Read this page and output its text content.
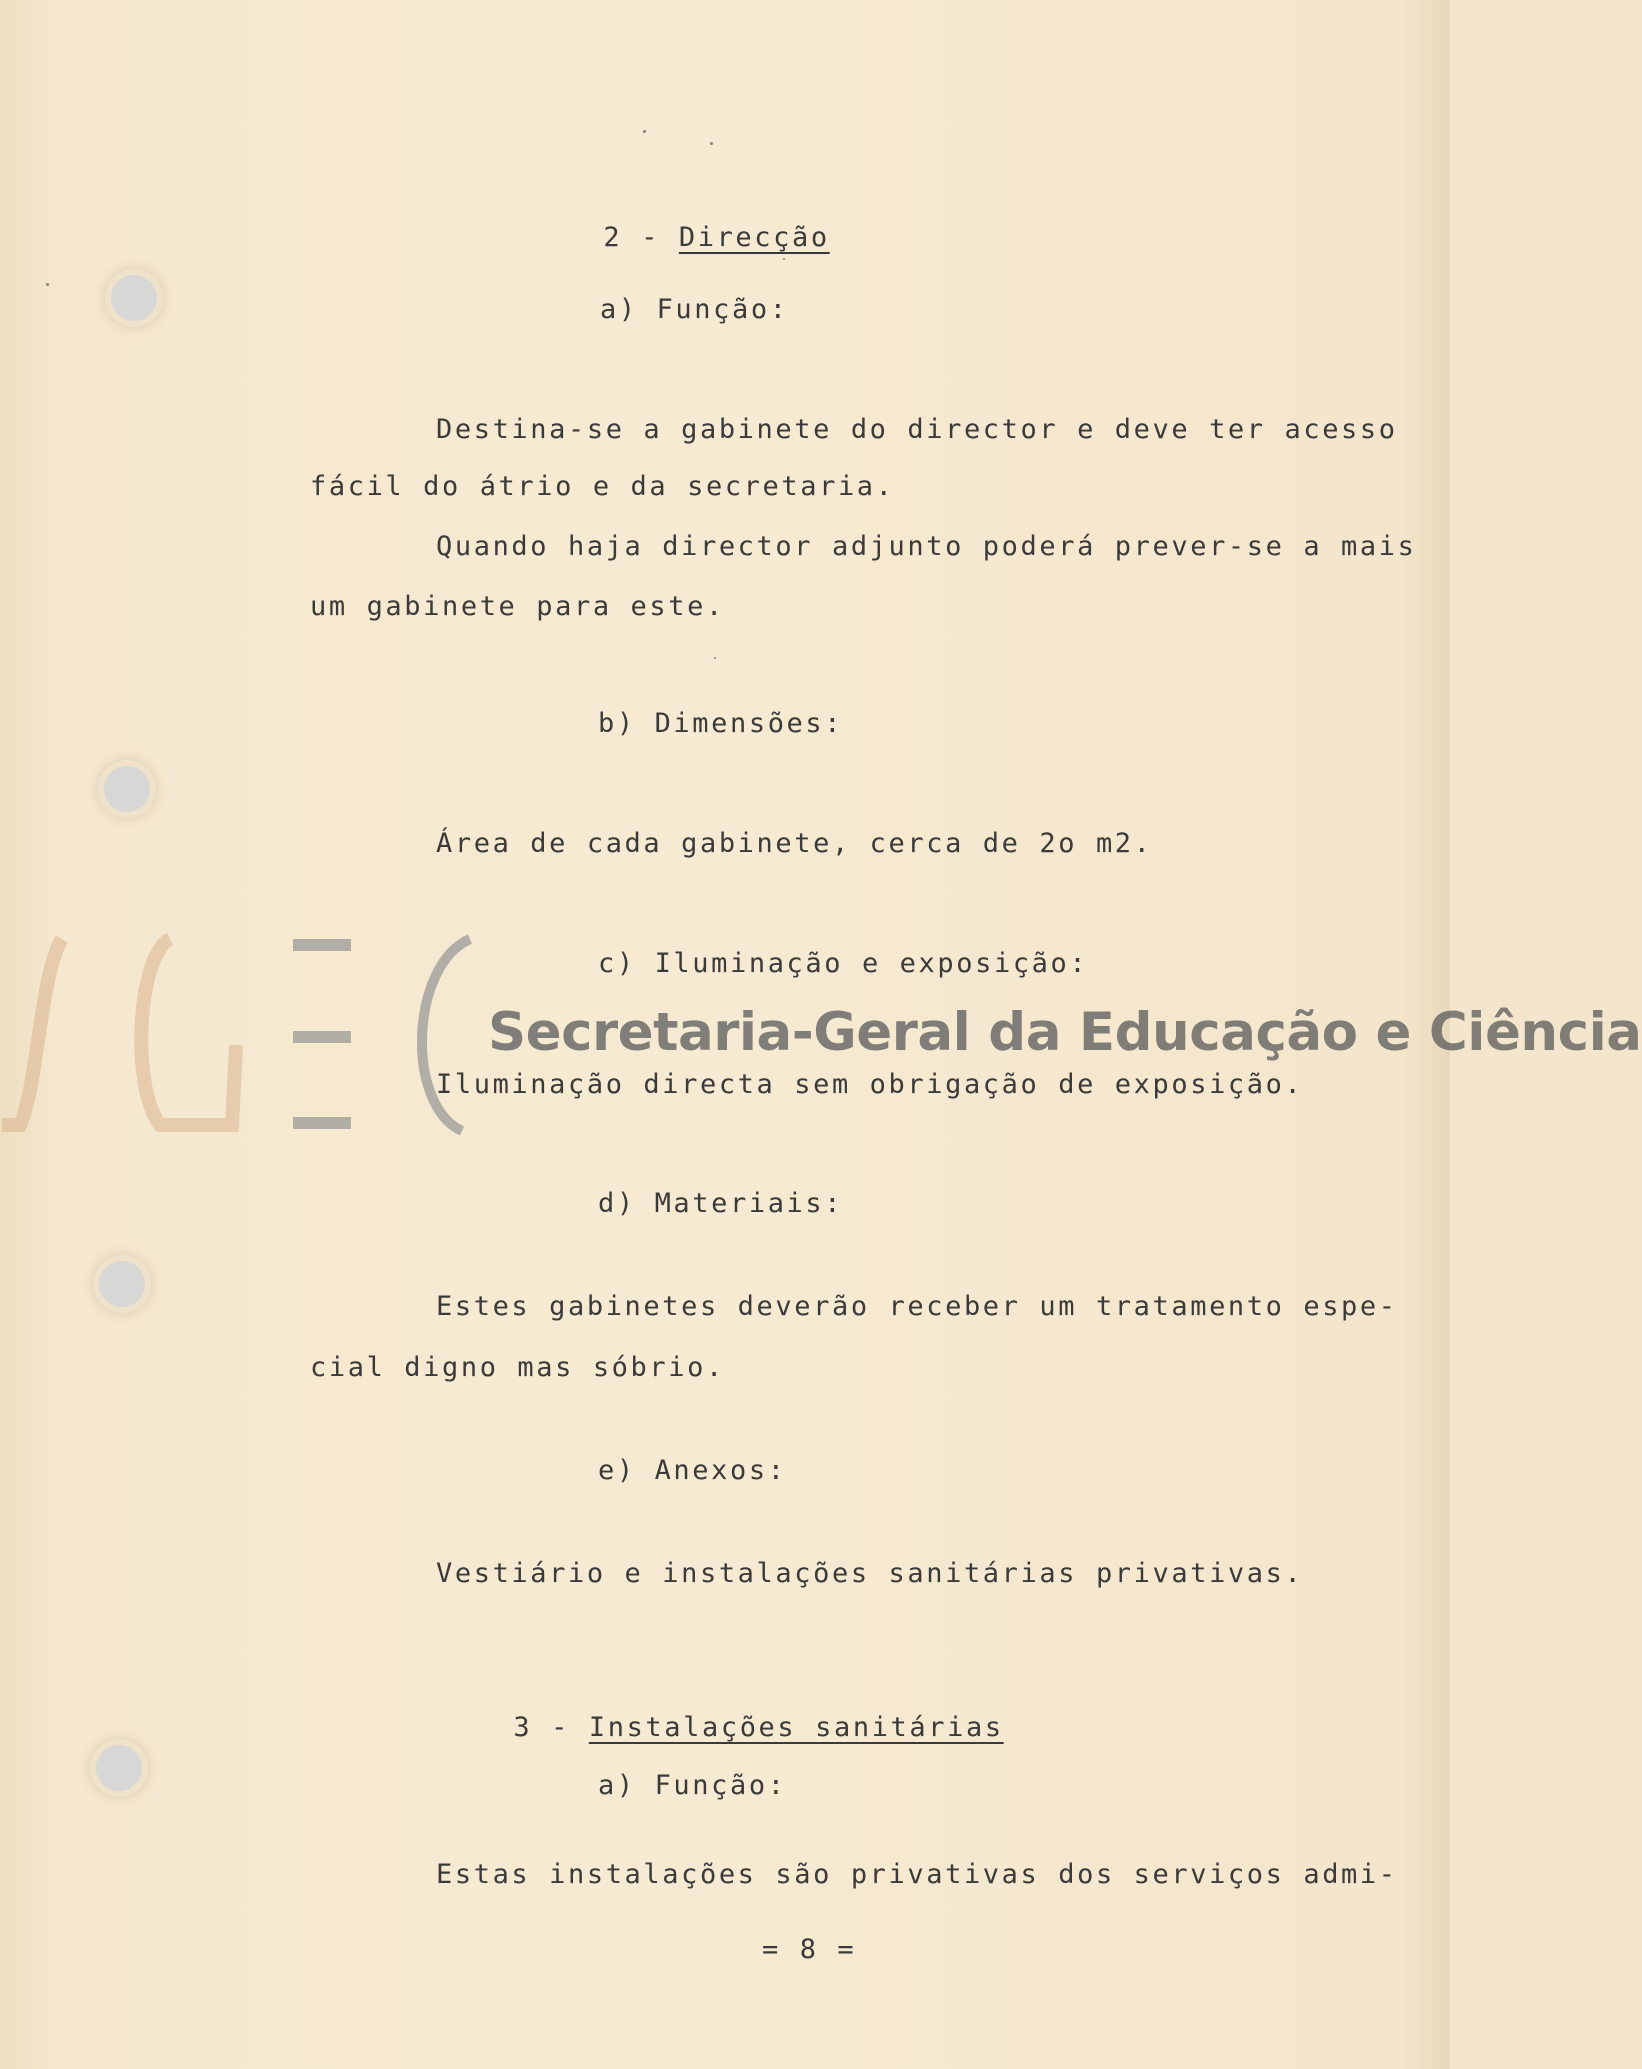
Secretaria-Geral da Educação e Ciência

2 - Direcção

a) Função:
Destina-se a gabinete do director e deve ter acesso
fácil do átrio e da secretaria.
Quando haja director adjunto poderá prever-se a mais
um gabinete para este.
b) Dimensões:
Área de cada gabinete, cerca de 2o m2.
c) Iluminação e exposição:
Iluminação directa sem obrigação de exposição.
d) Materiais:
Estes gabinetes deverão receber um tratamento espe-
cial digno mas sóbrio.
e) Anexos:
Vestiário e instalações sanitárias privativas.

3 - Instalações sanitárias

a) Função:
Estas instalações são privativas dos serviços admi-
= 8 =
